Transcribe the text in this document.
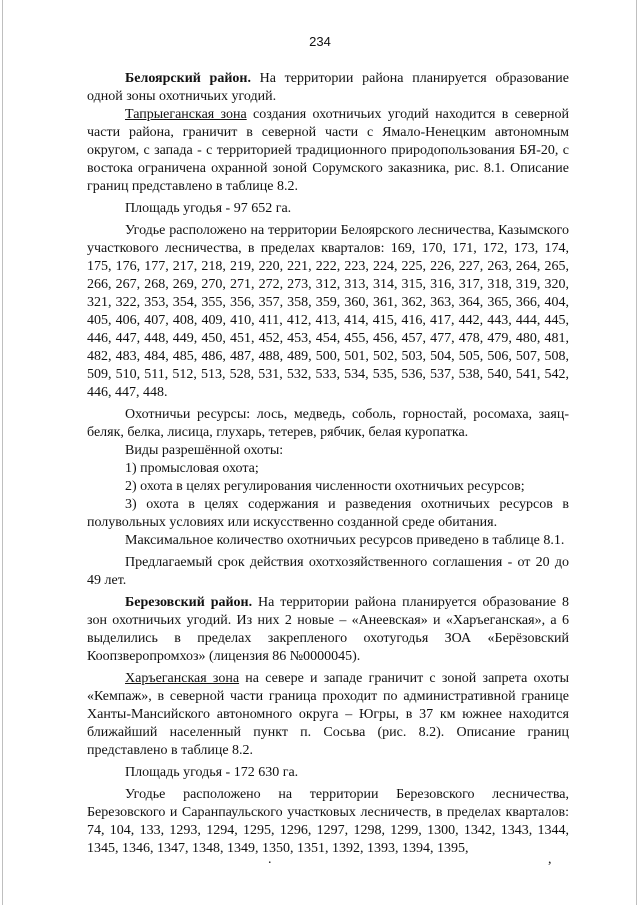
234

Белоярский район. На территории района планируется образование одной зоны охотничьих угодий.

Тапрыеганская зона создания охотничьих угодий находится в северной части района, граничит в северной части с Ямало-Ненецким автономным округом, с запада - с территорией традиционного природопользования БЯ-20, с востока ограничена охранной зоной Сорумского заказника, рис. 8.1. Описание границ представлено в таблице 8.2.

Площадь угодья - 97 652 га.

Угодье расположено на территории Белоярского лесничества, Казымского участкового лесничества, в пределах кварталов: 169, 170, 171, 172, 173, 174, 175, 176, 177, 217, 218, 219, 220, 221, 222, 223, 224, 225, 226, 227, 263, 264, 265, 266, 267, 268, 269, 270, 271, 272, 273, 312, 313, 314, 315, 316, 317, 318, 319, 320, 321, 322, 353, 354, 355, 356, 357, 358, 359, 360, 361, 362, 363, 364, 365, 366, 404, 405, 406, 407, 408, 409, 410, 411, 412, 413, 414, 415, 416, 417, 442, 443, 444, 445, 446, 447, 448, 449, 450, 451, 452, 453, 454, 455, 456, 457, 477, 478, 479, 480, 481, 482, 483, 484, 485, 486, 487, 488, 489, 500, 501, 502, 503, 504, 505, 506, 507, 508, 509, 510, 511, 512, 513, 528, 531, 532, 533, 534, 535, 536, 537, 538, 540, 541, 542, 446, 447, 448.

Охотничьи ресурсы: лось, медведь, соболь, горностай, росомаха, заяц-беляк, белка, лисица, глухарь, тетерев, рябчик, белая куропатка.

Виды разрешённой охоты:

1) промысловая охота;

2) охота в целях регулирования численности охотничьих ресурсов;

3) охота в целях содержания и разведения охотничьих ресурсов в полувольных условиях или искусственно созданной среде обитания.

Максимальное количество охотничьих ресурсов приведено в таблице 8.1.

Предлагаемый срок действия охотхозяйственного соглашения - от 20 до 49 лет.

Березовский район. На территории района планируется образование 8 зон охотничьих угодий. Из них 2 новые – «Анеевская» и «Харъеганская», а 6 выделились в пределах закрепленого охотугодья ЗОА «Берёзовский Коопзверопромхоз» (лицензия 86 №0000045).

Харъеганская зона на севере и западе граничит с зоной запрета охоты «Кемпаж», в северной части граница проходит по административной границе Ханты-Мансийского автономного округа – Югры, в 37 км южнее находится ближайший населенный пункт п. Сосьва (рис. 8.2). Описание границ представлено в таблице 8.2.

Площадь угодья - 172 630 га.

Угодье расположено на территории Березовского лесничества, Березовского и Саранпаульского участковых лесничеств, в пределах кварталов: 74, 104, 133, 1293, 1294, 1295, 1296, 1297, 1298, 1299, 1300, 1342, 1343, 1344, 1345, 1346, 1347, 1348, 1349, 1350, 1351, 1392, 1393, 1394, 1395,

.	,
